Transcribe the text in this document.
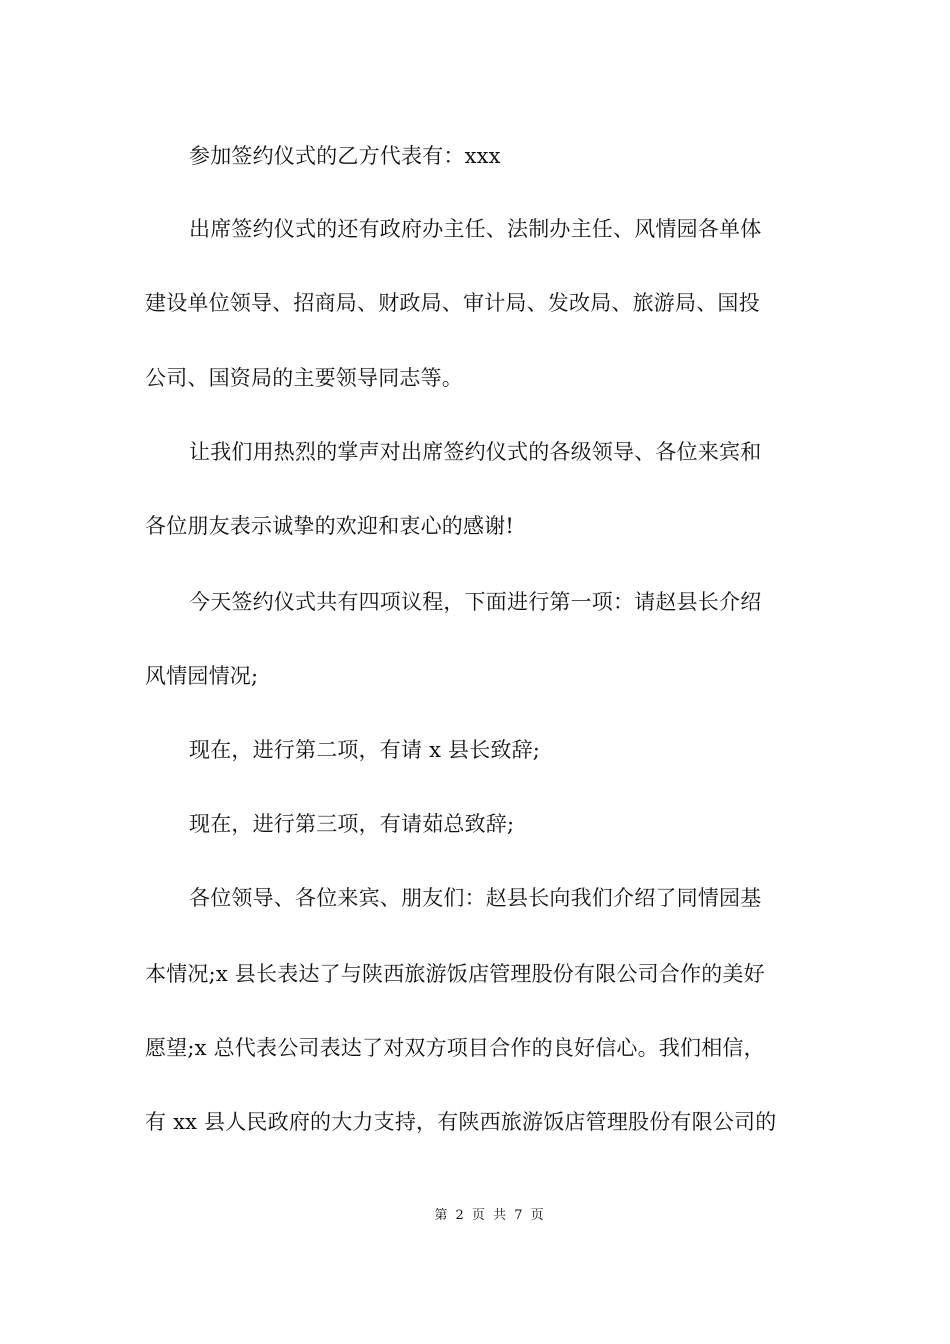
参加签约仪式的乙方代表有：xxx
出席签约仪式的还有政府办主任、法制办主任、风情园各单体
建设单位领导、招商局、财政局、审计局、发改局、旅游局、国投
公司、国资局的主要领导同志等。
让我们用热烈的掌声对出席签约仪式的各级领导、各位来宾和
各位朋友表示诚挚的欢迎和衷心的感谢!
今天签约仪式共有四项议程，下面进行第一项：请赵县长介绍
风情园情况;
现在，进行第二项，有请 x 县长致辞;
现在，进行第三项，有请茹总致辞;
各位领导、各位来宾、朋友们：赵县长向我们介绍了同情园基
本情况;x 县长表达了与陕西旅游饭店管理股份有限公司合作的美好
愿望;x 总代表公司表达了对双方项目合作的良好信心。我们相信，
有 xx 县人民政府的大力支持，有陕西旅游饭店管理股份有限公司的
第 2 页 共 7 页
